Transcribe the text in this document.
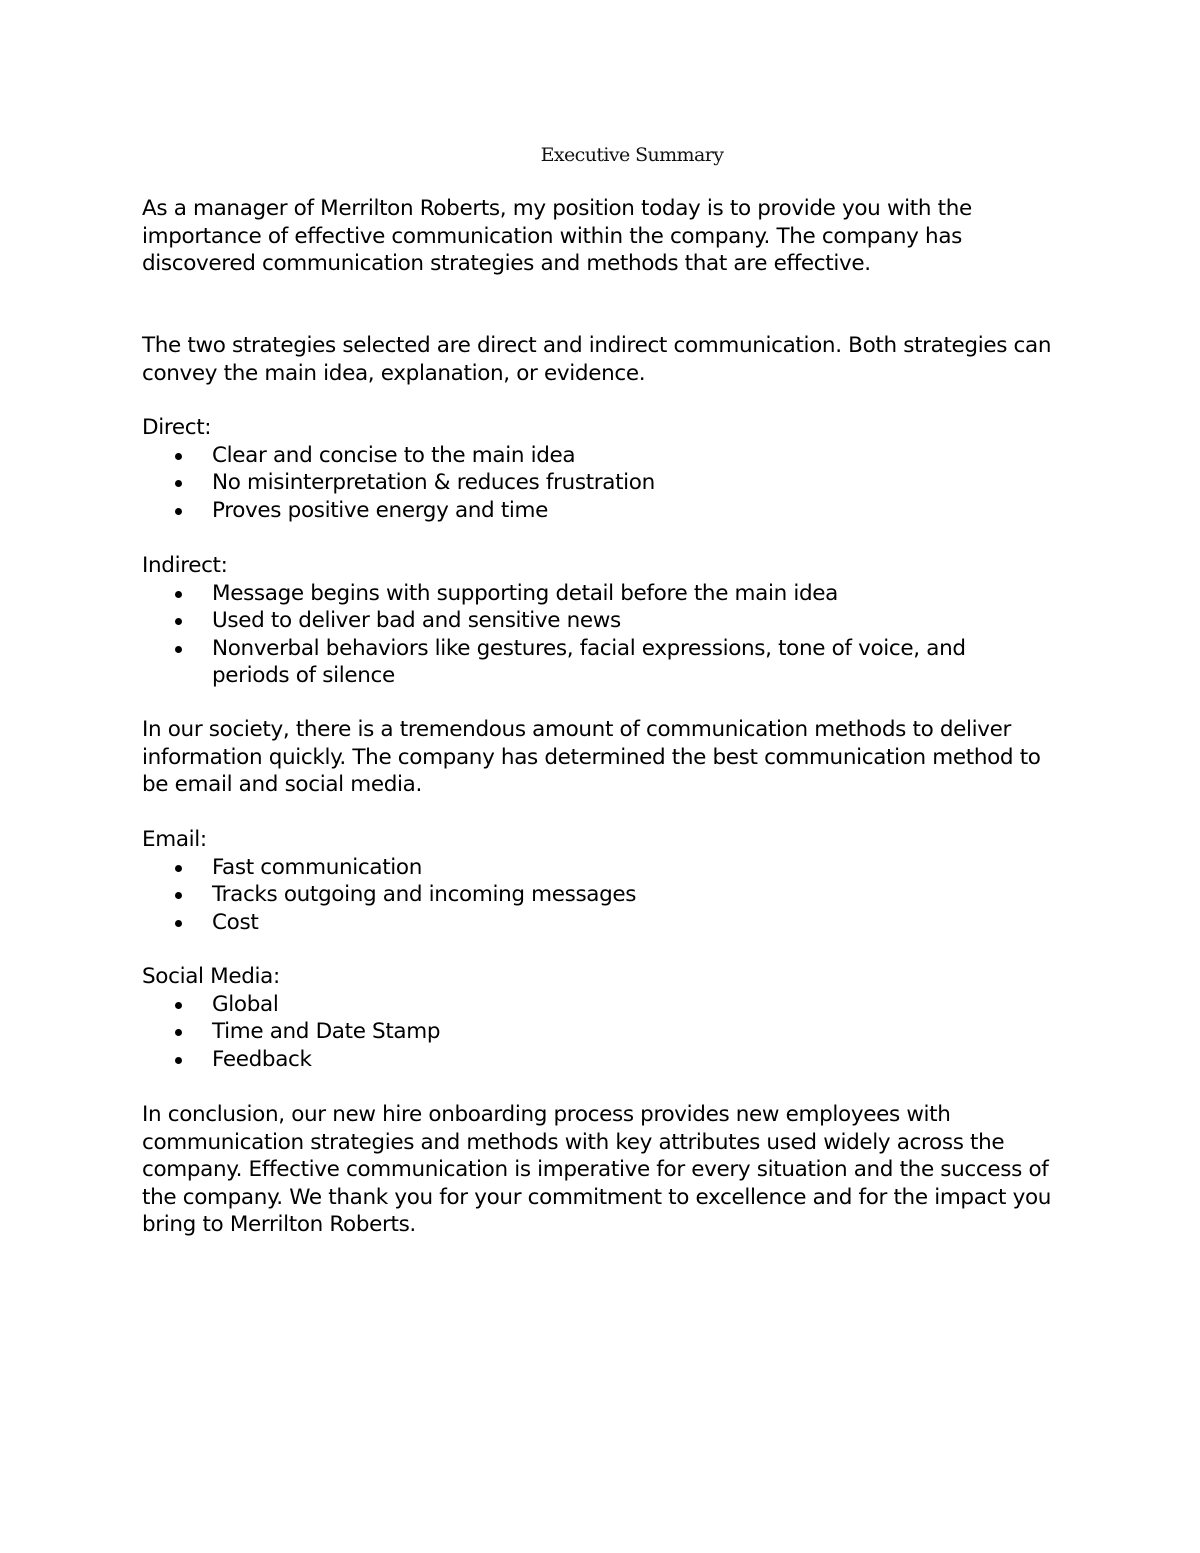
Executive Summary

As a manager of Merrilton Roberts, my position today is to provide you with the importance of effective communication within the company. The company has discovered communication strategies and methods that are effective.

The two strategies selected are direct and indirect communication. Both strategies can convey the main idea, explanation, or evidence.

Direct:

Clear and concise to the main idea
No misinterpretation & reduces frustration
Proves positive energy and time

Indirect:

Message begins with supporting detail before the main idea
Used to deliver bad and sensitive news
Nonverbal behaviors like gestures, facial expressions, tone of voice, and periods of silence

In our society, there is a tremendous amount of communication methods to deliver information quickly. The company has determined the best communication method to be email and social media.

Email:

Fast communication
Tracks outgoing and incoming messages
Cost

Social Media:

Global
Time and Date Stamp
Feedback

In conclusion, our new hire onboarding process provides new employees with communication strategies and methods with key attributes used widely across the company. Effective communication is imperative for every situation and the success of the company. We thank you for your commitment to excellence and for the impact you bring to Merrilton Roberts.
